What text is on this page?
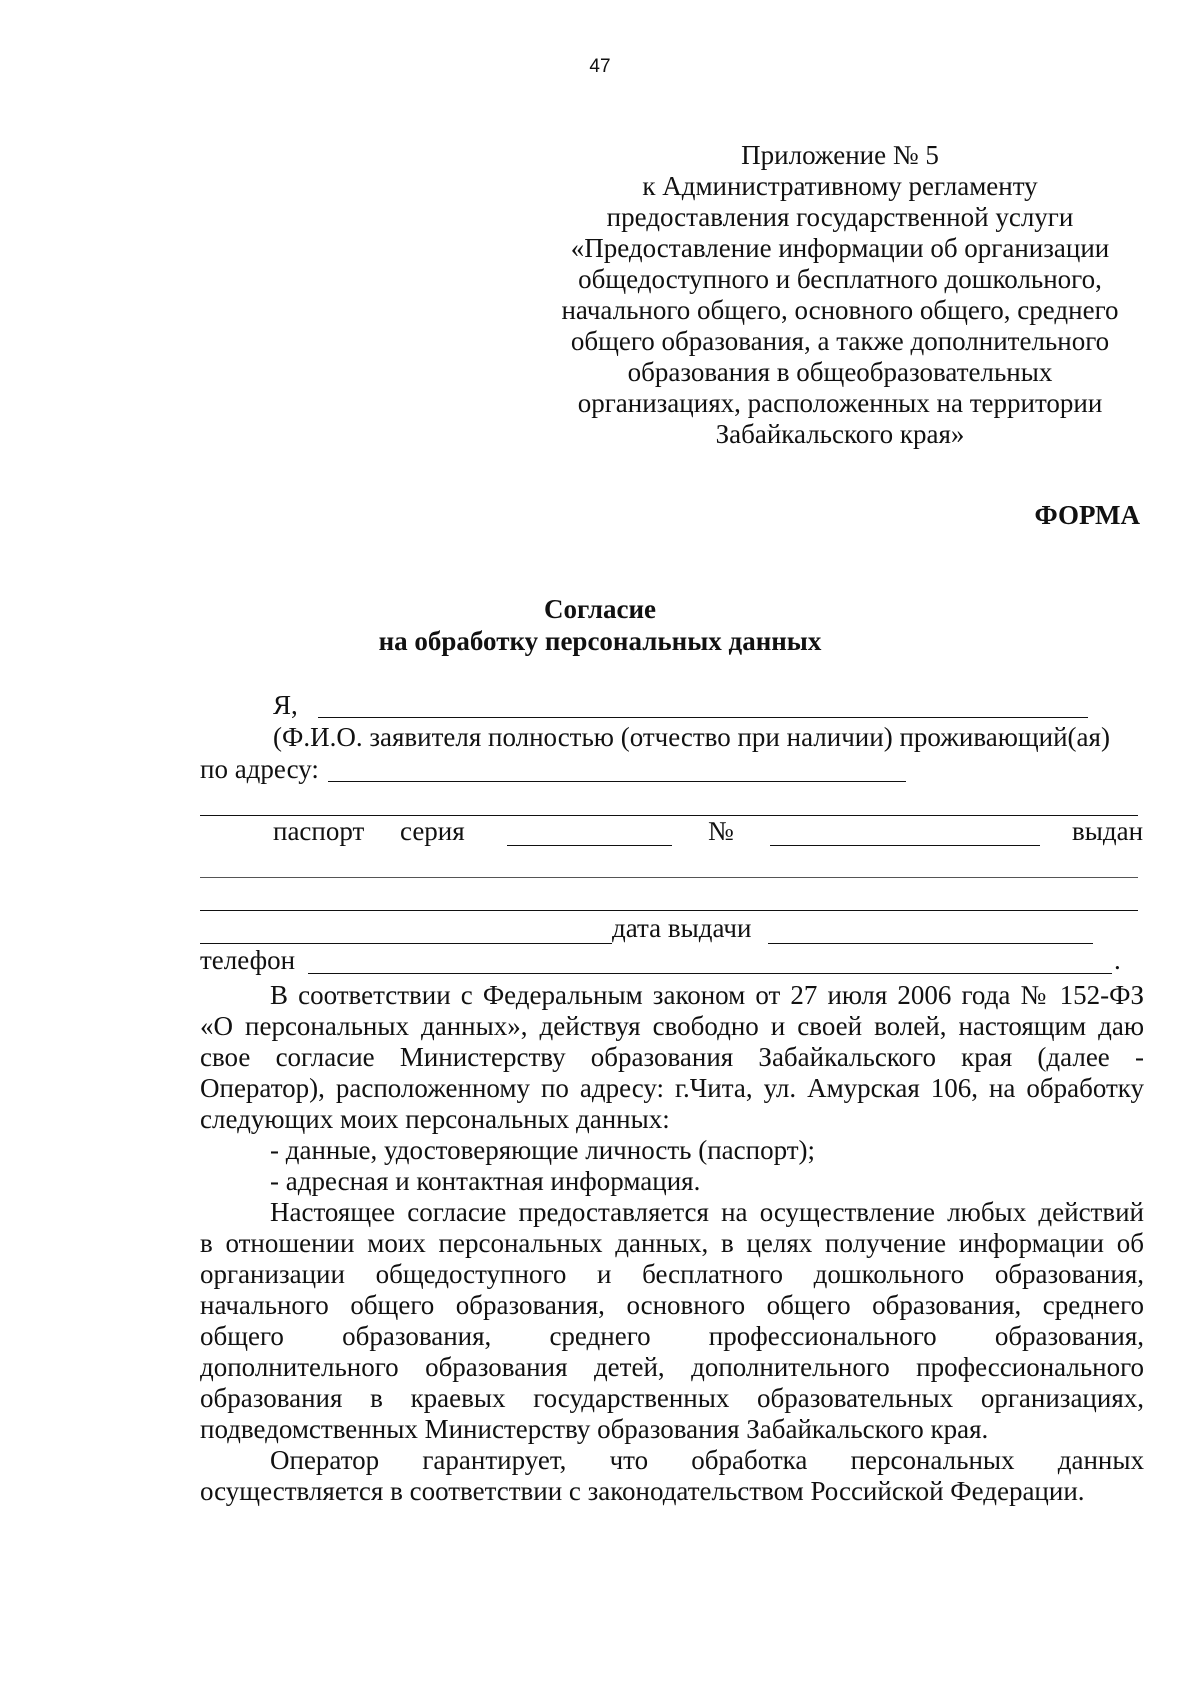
47
Приложение № 5
к Административному регламенту
предоставления государственной услуги
«Предоставление информации об организации
общедоступного и бесплатного дошкольного,
начального общего, основного общего, среднего
общего образования, а также дополнительного
образования в общеобразовательных
организациях, расположенных на территории
Забайкальского края»
ФОРМА
Согласие
на обработку персональных данных
Я,
(Ф.И.О. заявителя полностью (отчество при наличии) проживающий(ая)
по адресу:
паспорт серия	№	выдан
дата выдачи
телефон	.
В соответствии с Федеральным законом от 27 июля 2006 года № 152-ФЗ
«О персональных данных», действуя свободно и своей волей, настоящим даю
свое согласие Министерству образования Забайкальского края (далее -
Оператор), расположенному по адресу: г.Чита, ул. Амурская 106, на обработку
следующих моих персональных данных:
- данные, удостоверяющие личность (паспорт);
- адресная и контактная информация.
Настоящее согласие предоставляется на осуществление любых действий
в отношении моих персональных данных, в целях получение информации об
организации общедоступного и бесплатного дошкольного образования,
начального общего образования, основного общего образования, среднего
общего образования, среднего профессионального образования,
дополнительного образования детей, дополнительного профессионального
образования в краевых государственных образовательных организациях,
подведомственных Министерству образования Забайкальского края.
Оператор гарантирует, что обработка персональных данных
осуществляется в соответствии с законодательством Российской Федерации.
